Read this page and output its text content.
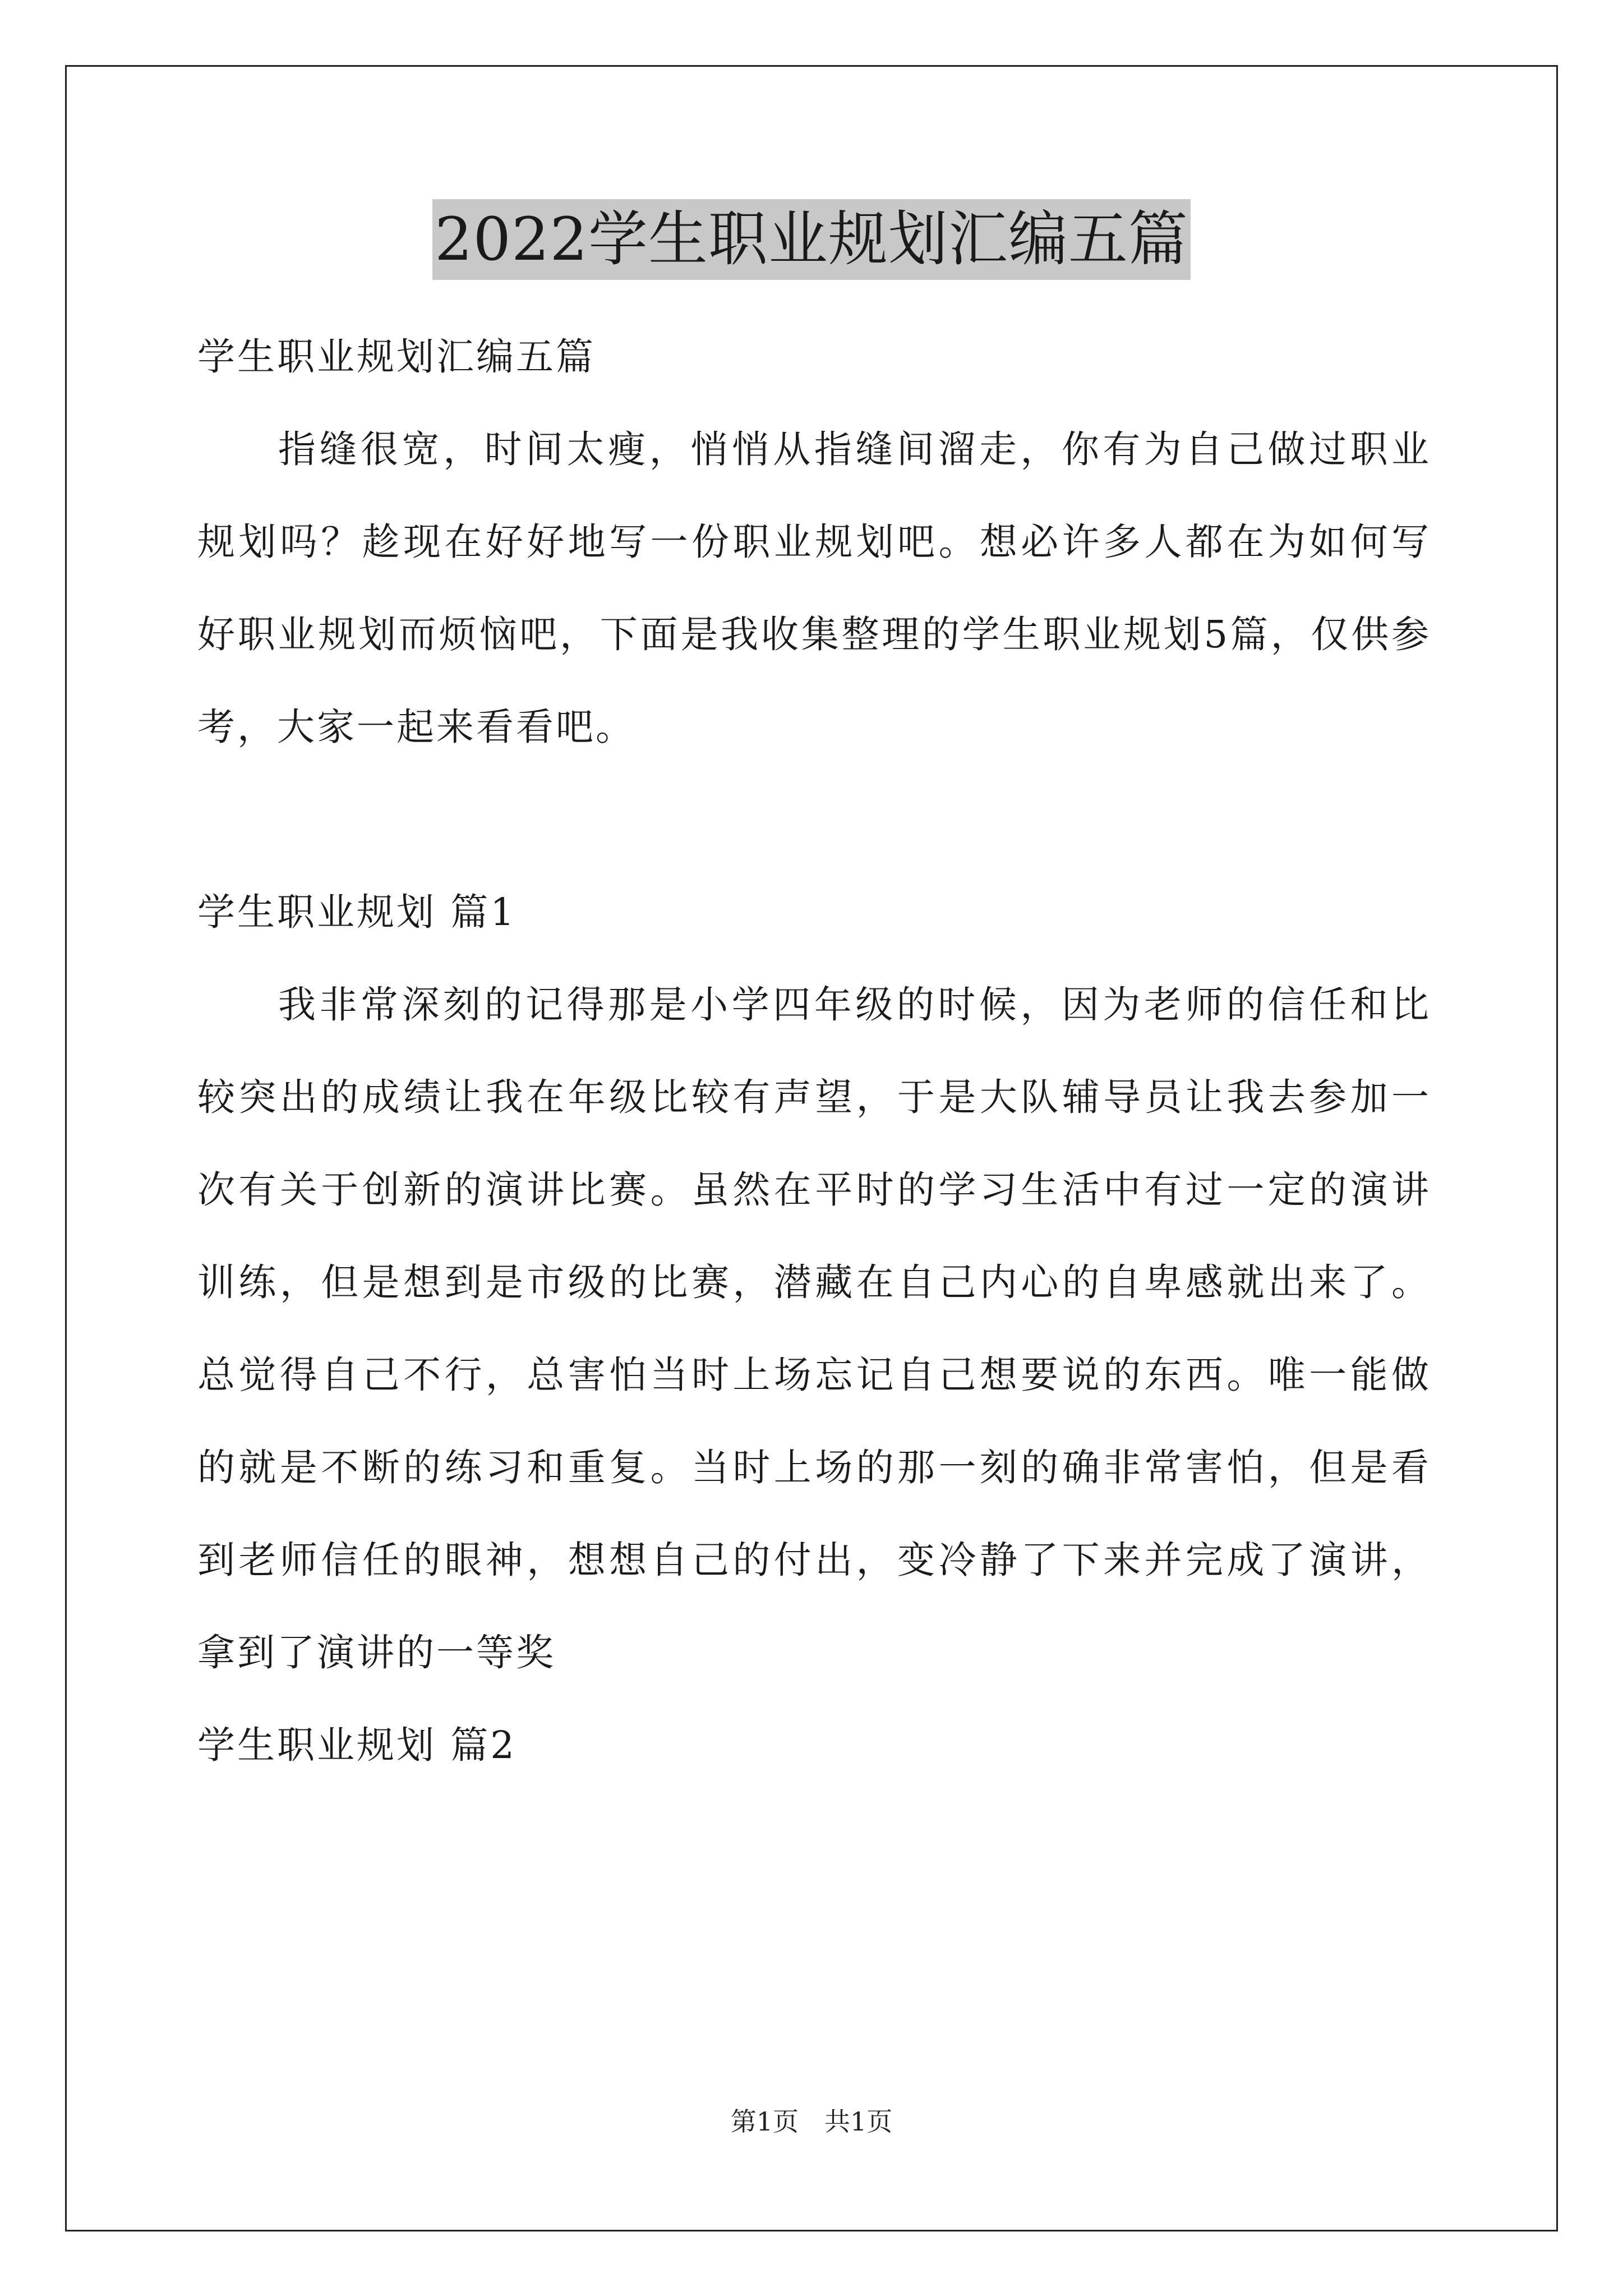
2022学生职业规划汇编五篇
学生职业规划汇编五篇

指缝很宽，时间太瘦，悄悄从指缝间溜走，你有为自己做过职业规划吗？趁现在好好地写一份职业规划吧。想必许多人都在为如何写好职业规划而烦恼吧，下面是我收集整理的学生职业规划5篇，仅供参考，大家一起来看看吧。

学生职业规划 篇1

我非常深刻的记得那是小学四年级的时候，因为老师的信任和比较突出的成绩让我在年级比较有声望，于是大队辅导员让我去参加一次有关于创新的演讲比赛。虽然在平时的学习生活中有过一定的演讲训练，但是想到是市级的比赛，潜藏在自己内心的自卑感就出来了。总觉得自己不行，总害怕当时上场忘记自己想要说的东西。唯一能做的就是不断的练习和重复。当时上场的那一刻的确非常害怕，但是看到老师信任的眼神，想想自己的付出，变冷静了下来并完成了演讲，拿到了演讲的一等奖

学生职业规划 篇2
第1页 共1页
